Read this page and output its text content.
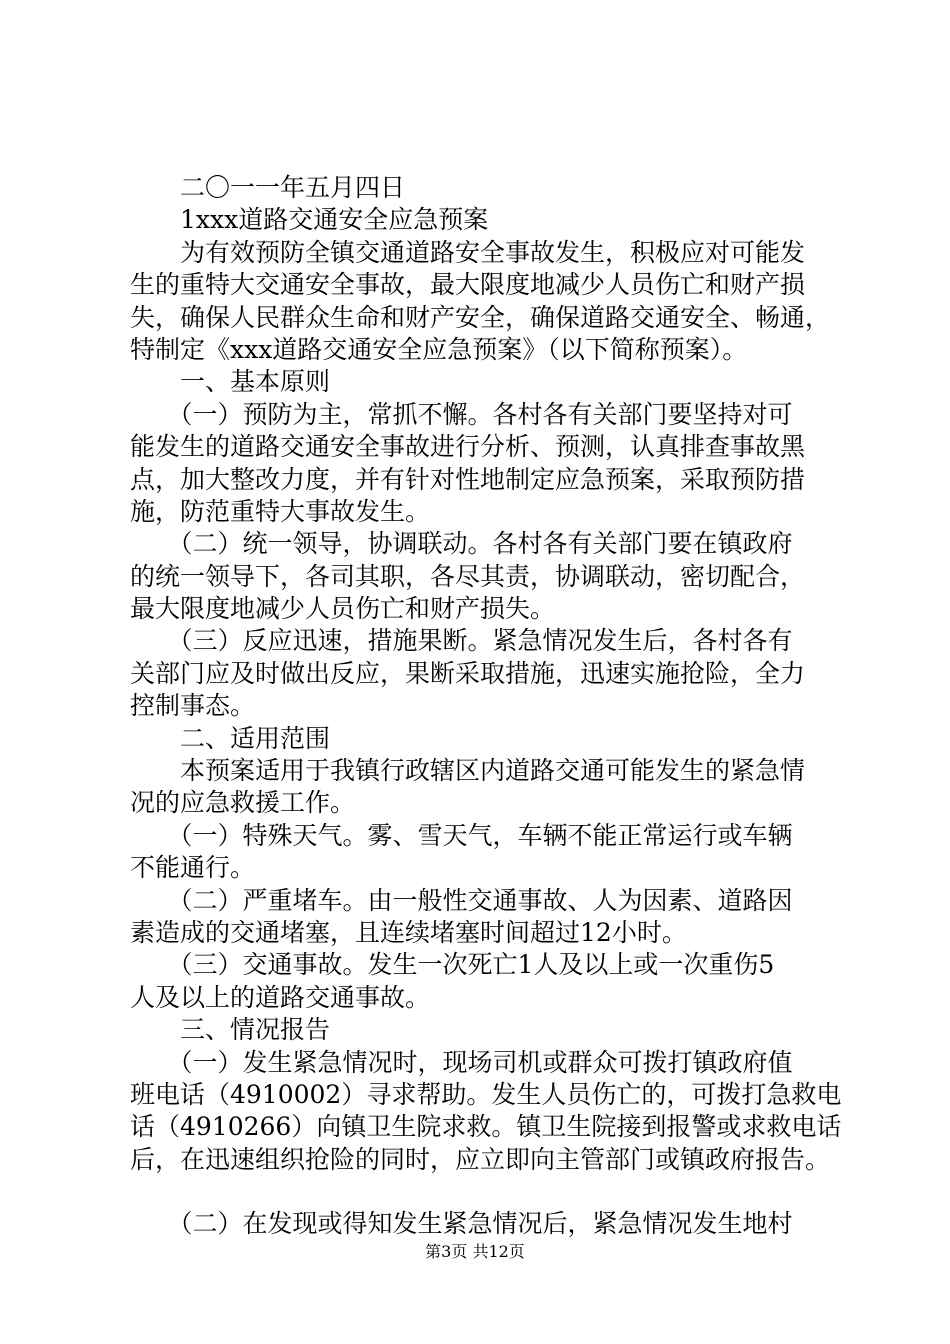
　　二〇一一年五月四日
　　1xxx道路交通安全应急预案
　　为有效预防全镇交通道路安全事故发生，积极应对可能发
生的重特大交通安全事故，最大限度地减少人员伤亡和财产损
失，确保人民群众生命和财产安全，确保道路交通安全、畅通，
特制定《xxx道路交通安全应急预案》（以下简称预案）。
　　一、基本原则
　　（一）预防为主，常抓不懈。各村各有关部门要坚持对可
能发生的道路交通安全事故进行分析、预测，认真排查事故黑
点，加大整改力度，并有针对性地制定应急预案，采取预防措
施，防范重特大事故发生。
　　（二）统一领导，协调联动。各村各有关部门要在镇政府
的统一领导下，各司其职，各尽其责，协调联动，密切配合，
最大限度地减少人员伤亡和财产损失。
　　（三）反应迅速，措施果断。紧急情况发生后，各村各有
关部门应及时做出反应，果断采取措施，迅速实施抢险，全力
控制事态。
　　二、适用范围
　　本预案适用于我镇行政辖区内道路交通可能发生的紧急情
况的应急救援工作。
　　（一）特殊天气。雾、雪天气，车辆不能正常运行或车辆
不能通行。
　　（二）严重堵车。由一般性交通事故、人为因素、道路因
素造成的交通堵塞，且连续堵塞时间超过12小时。
　　（三）交通事故。发生一次死亡1人及以上或一次重伤5
人及以上的道路交通事故。
　　三、情况报告
　　（一）发生紧急情况时，现场司机或群众可拨打镇政府值
班电话（4910002）寻求帮助。发生人员伤亡的，可拨打急救电
话（4910266）向镇卫生院求救。镇卫生院接到报警或求救电话
后，在迅速组织抢险的同时，应立即向主管部门或镇政府报告。
　　（二）在发现或得知发生紧急情况后，紧急情况发生地村
第3页 共12页
